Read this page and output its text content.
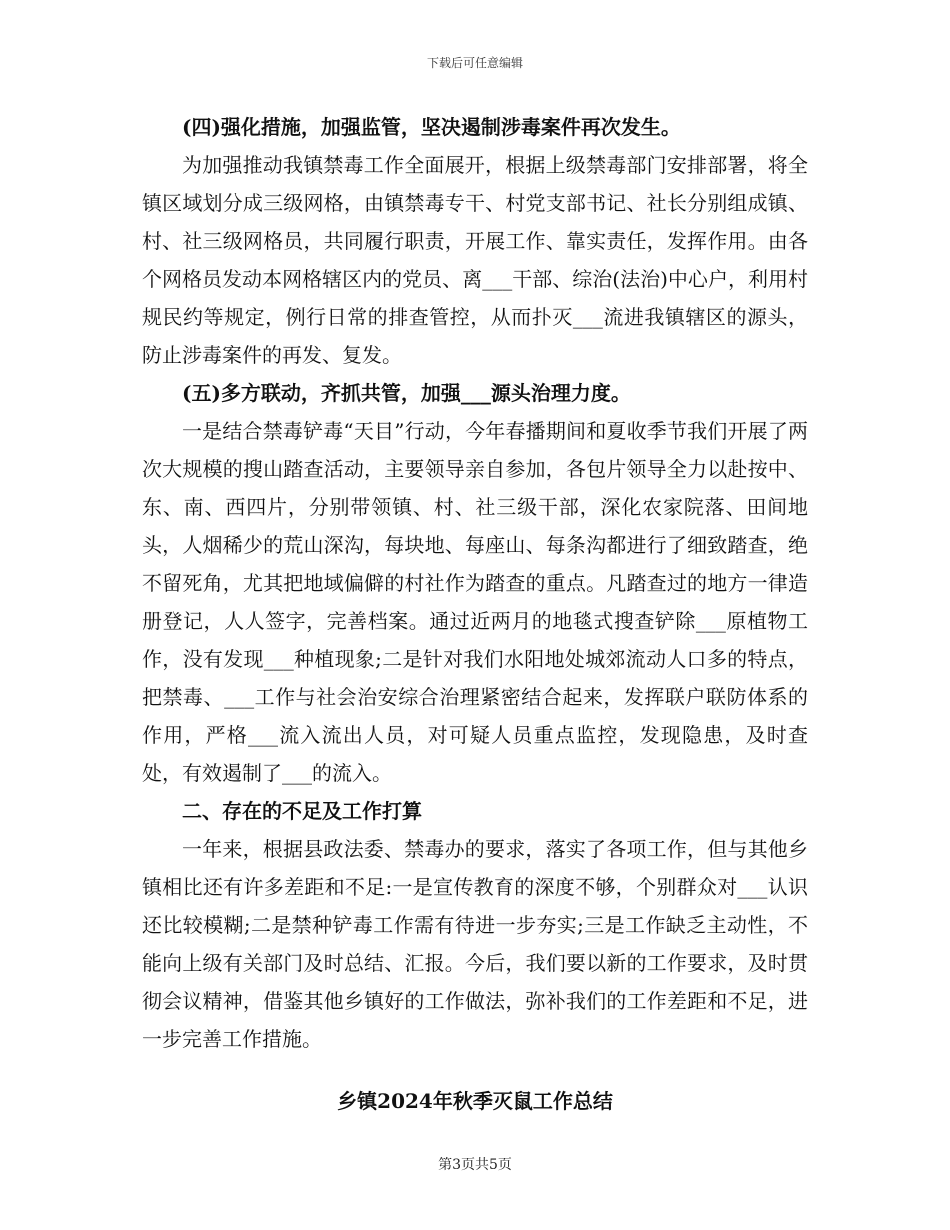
下载后可任意编辑

(四)强化措施，加强监管，坚决遏制涉毒案件再次发生。

为加强推动我镇禁毒工作全面展开，根据上级禁毒部门安排部署，将全镇区域划分成三级网格，由镇禁毒专干、村党支部书记、社长分别组成镇、村、社三级网格员，共同履行职责，开展工作、靠实责任，发挥作用。由各个网格员发动本网格辖区内的党员、离___干部、综治(法治)中心户，利用村规民约等规定，例行日常的排查管控，从而扑灭___流进我镇辖区的源头，防止涉毒案件的再发、复发。

(五)多方联动，齐抓共管，加强___源头治理力度。

一是结合禁毒铲毒“天目”行动，今年春播期间和夏收季节我们开展了两次大规模的搜山踏查活动，主要领导亲自参加，各包片领导全力以赴按中、东、南、西四片，分别带领镇、村、社三级干部，深化农家院落、田间地头，人烟稀少的荒山深沟，每块地、每座山、每条沟都进行了细致踏查，绝不留死角，尤其把地域偏僻的村社作为踏查的重点。凡踏查过的地方一律造册登记，人人签字，完善档案。通过近两月的地毯式搜查铲除___原植物工作，没有发现___种植现象;二是针对我们水阳地处城郊流动人口多的特点，把禁毒、___工作与社会治安综合治理紧密结合起来，发挥联户联防体系的作用，严格___流入流出人员，对可疑人员重点监控，发现隐患，及时查处，有效遏制了___的流入。

二、存在的不足及工作打算

一年来，根据县政法委、禁毒办的要求，落实了各项工作，但与其他乡镇相比还有许多差距和不足:一是宣传教育的深度不够，个别群众对___认识还比较模糊;二是禁种铲毒工作需有待进一步夯实;三是工作缺乏主动性，不能向上级有关部门及时总结、汇报。今后，我们要以新的工作要求，及时贯彻会议精神，借鉴其他乡镇好的工作做法，弥补我们的工作差距和不足，进一步完善工作措施。

乡镇2024年秋季灭鼠工作总结
第3页共5页
